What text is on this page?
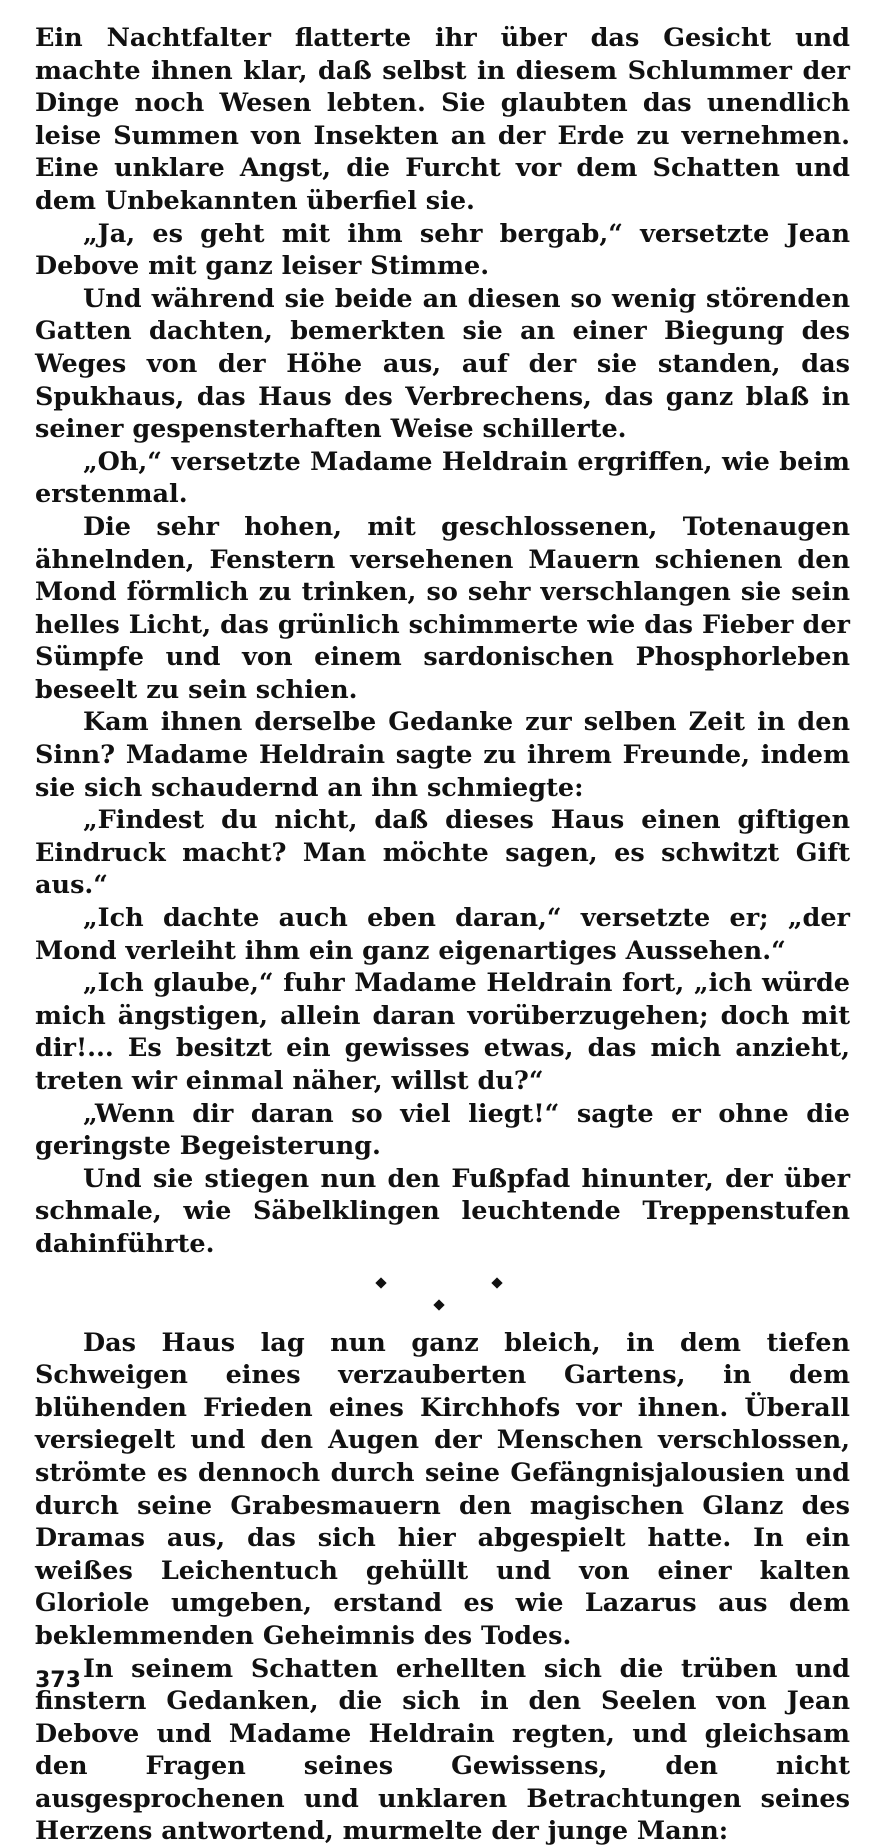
Ein Nachtfalter flatterte ihr über das Gesicht und machte ihnen klar, daß selbst in diesem Schlummer der Dinge noch Wesen lebten. Sie glaubten das unendlich leise Summen von Insekten an der Erde zu vernehmen. Eine unklare Angst, die Furcht vor dem Schatten und dem Unbekannten überfiel sie.

„Ja, es geht mit ihm sehr bergab,“ versetzte Jean Debove mit ganz leiser Stimme.

Und während sie beide an diesen so wenig störenden Gatten dachten, bemerkten sie an einer Biegung des Weges von der Höhe aus, auf der sie standen, das Spukhaus, das Haus des Verbrechens, das ganz blaß in seiner gespensterhaften Weise schillerte.

„Oh,“ versetzte Madame Heldrain ergriffen, wie beim erstenmal.

Die sehr hohen, mit geschlossenen, Totenaugen ähnelnden, Fenstern versehenen Mauern schienen den Mond förmlich zu trinken, so sehr verschlangen sie sein helles Licht, das grünlich schimmerte wie das Fieber der Sümpfe und von einem sardonischen Phosphorleben beseelt zu sein schien.

Kam ihnen derselbe Gedanke zur selben Zeit in den Sinn? Madame Heldrain sagte zu ihrem Freunde, indem sie sich schaudernd an ihn schmiegte:

„Findest du nicht, daß dieses Haus einen giftigen Eindruck macht? Man möchte sagen, es schwitzt Gift aus.“

„Ich dachte auch eben daran,“ versetzte er; „der Mond verleiht ihm ein ganz eigenartiges Aussehen.“

„Ich glaube,“ fuhr Madame Heldrain fort, „ich würde mich ängstigen, allein daran vorüberzugehen; doch mit dir!... Es besitzt ein gewisses etwas, das mich anzieht, treten wir einmal näher, willst du?“

„Wenn dir daran so viel liegt!“ sagte er ohne die geringste Begeisterung.

Und sie stiegen nun den Fußpfad hinunter, der über schmale, wie Säbelklingen leuchtende Treppenstufen dahinführte.

Das Haus lag nun ganz bleich, in dem tiefen Schweigen eines verzauberten Gartens, in dem blühenden Frieden eines Kirchhofs vor ihnen. Überall versiegelt und den Augen der Menschen verschlossen, strömte es dennoch durch seine Gefängnisjalousien und durch seine Grabesmauern den magischen Glanz des Dramas aus, das sich hier abgespielt hatte. In ein weißes Leichentuch gehüllt und von einer kalten Gloriole umgeben, erstand es wie Lazarus aus dem beklemmenden Geheimnis des Todes.

In seinem Schatten erhellten sich die trüben und finstern Gedanken, die sich in den Seelen von Jean Debove und Madame Heldrain regten, und gleichsam den Fragen seines Gewissens, den nicht ausgesprochenen und unklaren Betrachtungen seines Herzens antwortend, murmelte der junge Mann:

373
